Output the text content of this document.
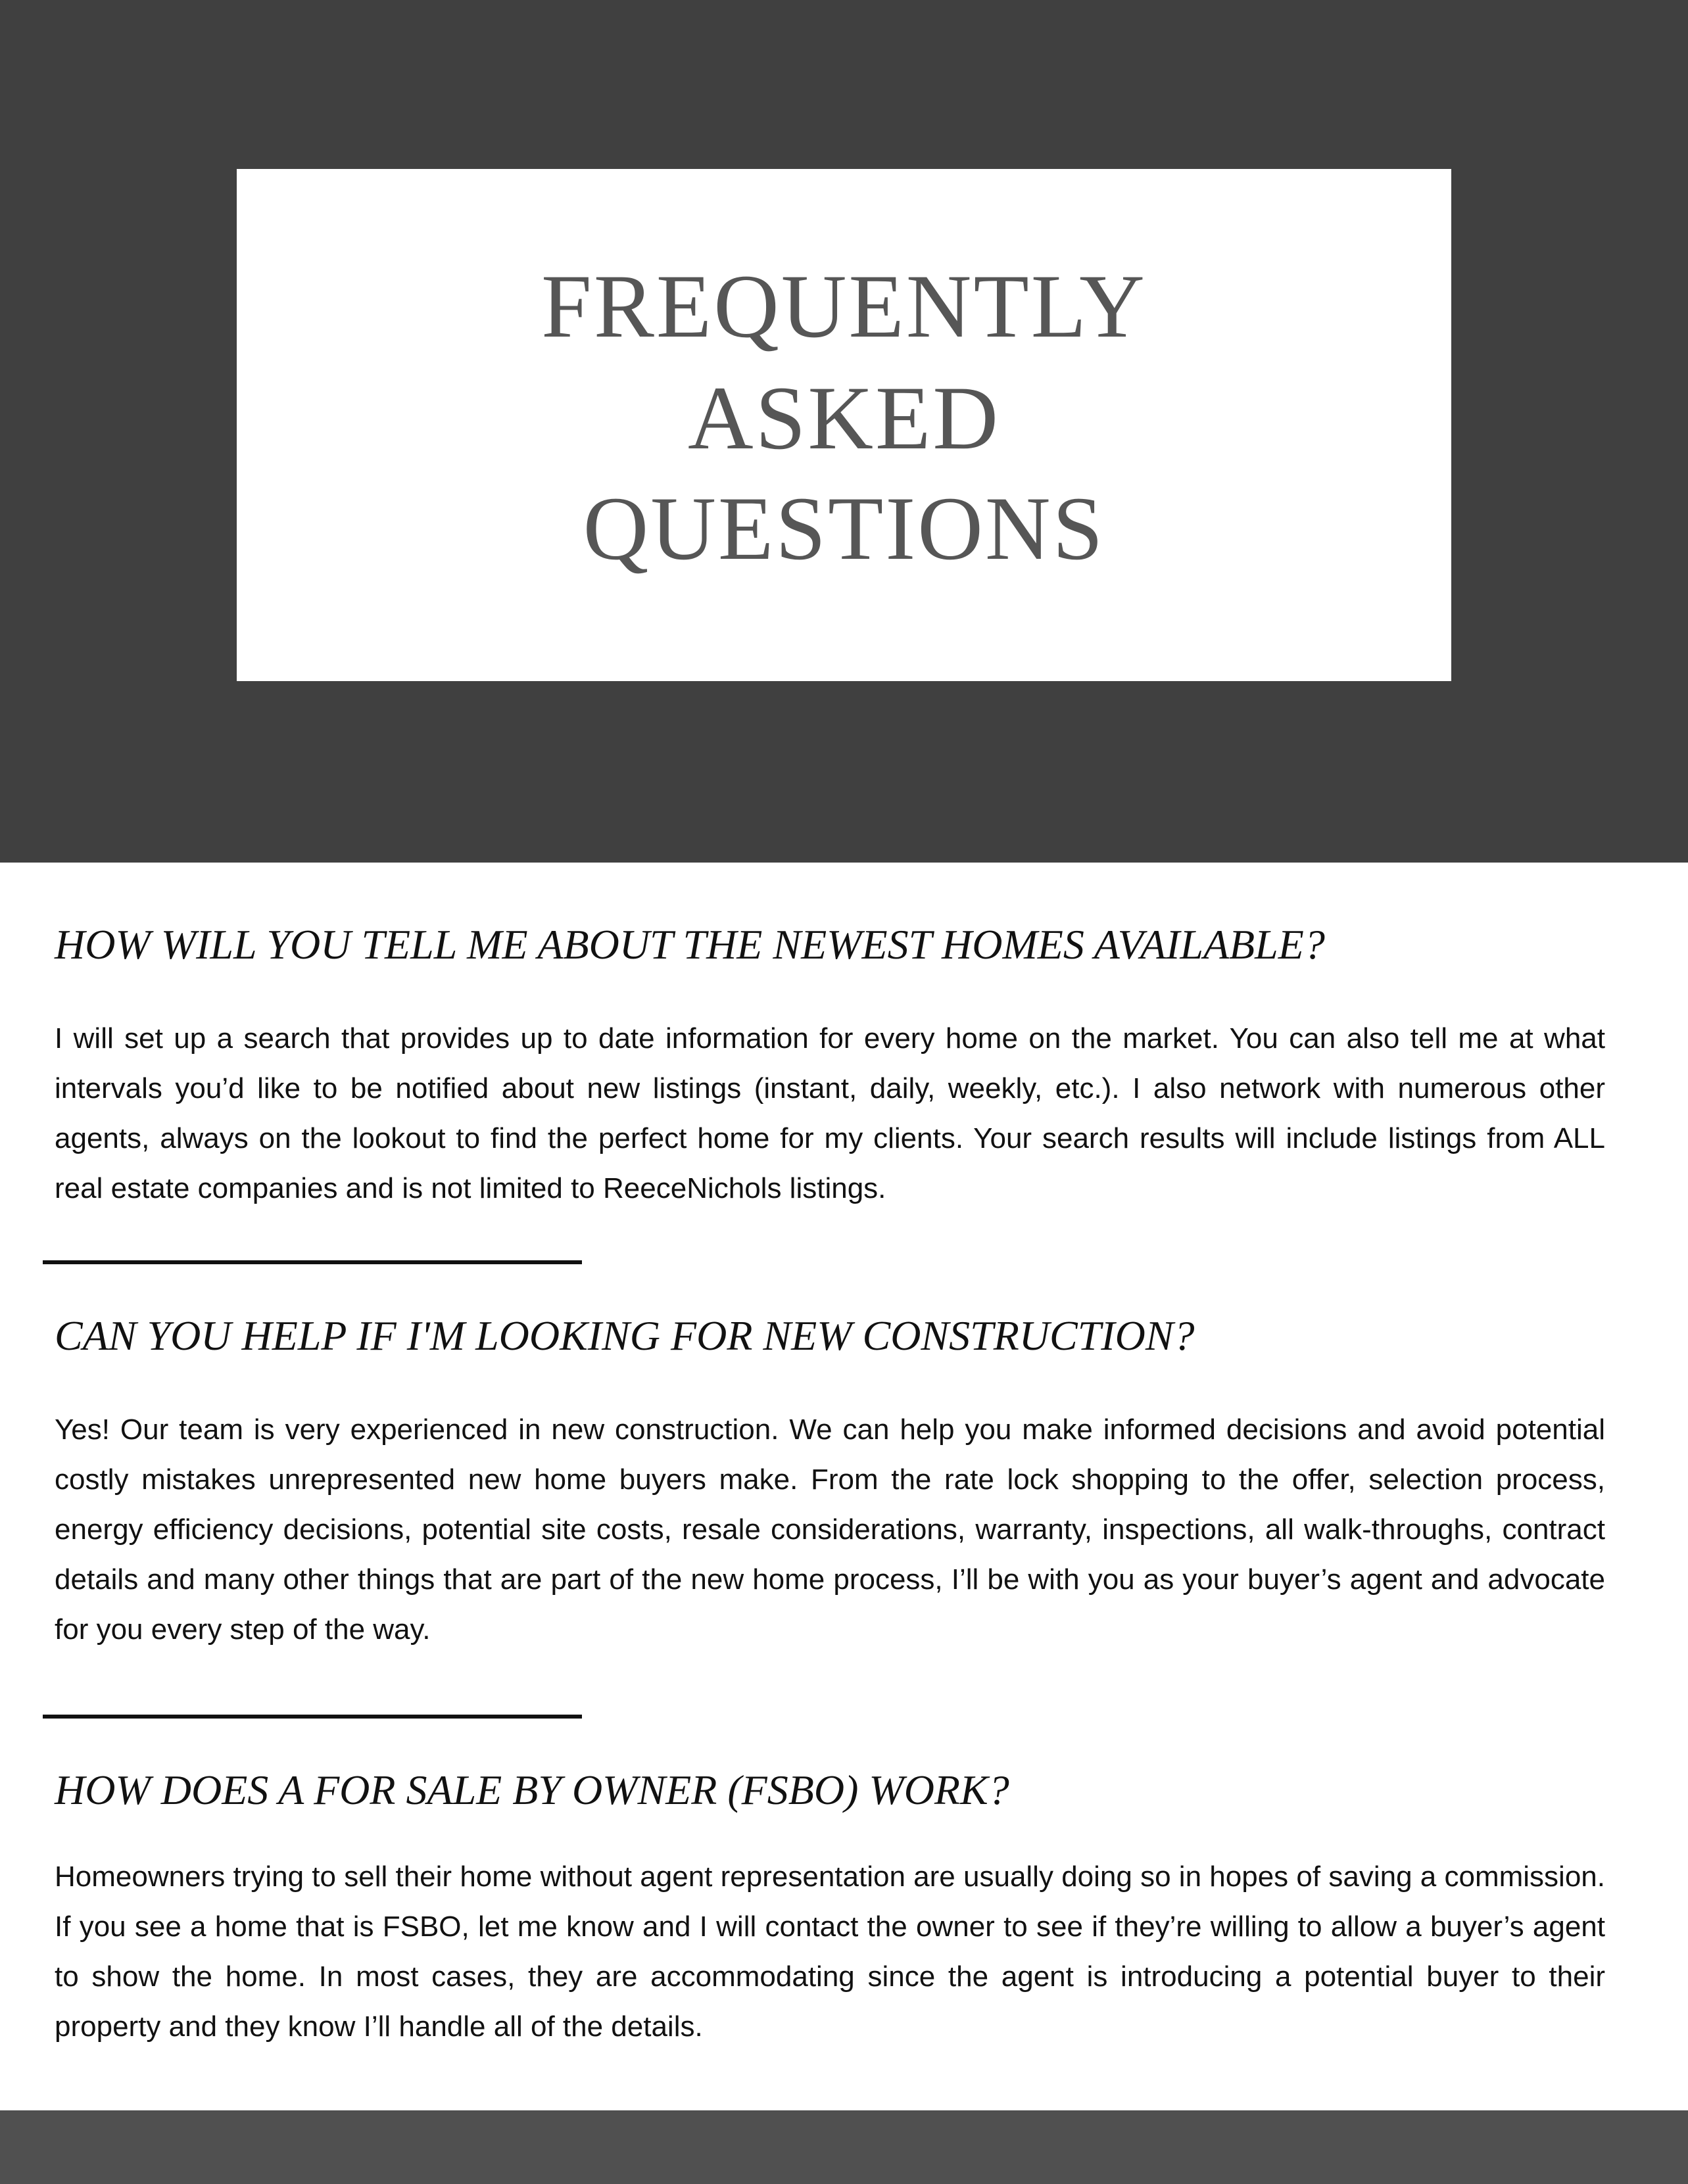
FREQUENTLY
ASKED
QUESTIONS
HOW WILL YOU TELL ME ABOUT THE NEWEST HOMES AVAILABLE?

I will set up a search that provides up to date information for every home on the market. You can also tell me at what intervals you’d like to be notified about new listings (instant, daily, weekly, etc.). I also network with numerous other agents, always on the lookout to find the perfect home for my clients. Your search results will include listings from ALL real estate companies and is not limited to ReeceNichols listings.

CAN YOU HELP IF I'M LOOKING FOR NEW CONSTRUCTION?

Yes! Our team is very experienced in new construction. We can help you make informed decisions and avoid potential costly mistakes unrepresented new home buyers make. From the rate lock shopping to the offer, selection process, energy efficiency decisions, potential site costs, resale considerations, warranty, inspections, all walk-throughs, contract details and many other things that are part of the new home process, I’ll be with you as your buyer’s agent and advocate for you every step of the way.

HOW DOES A FOR SALE BY OWNER (FSBO) WORK?

Homeowners trying to sell their home without agent representation are usually doing so in hopes of saving a commission. If you see a home that is FSBO, let me know and I will contact the owner to see if they’re willing to allow a buyer’s agent to show the home. In most cases, they are accommodating since the agent is introducing a potential buyer to their property and they know I’ll handle all of the details.
